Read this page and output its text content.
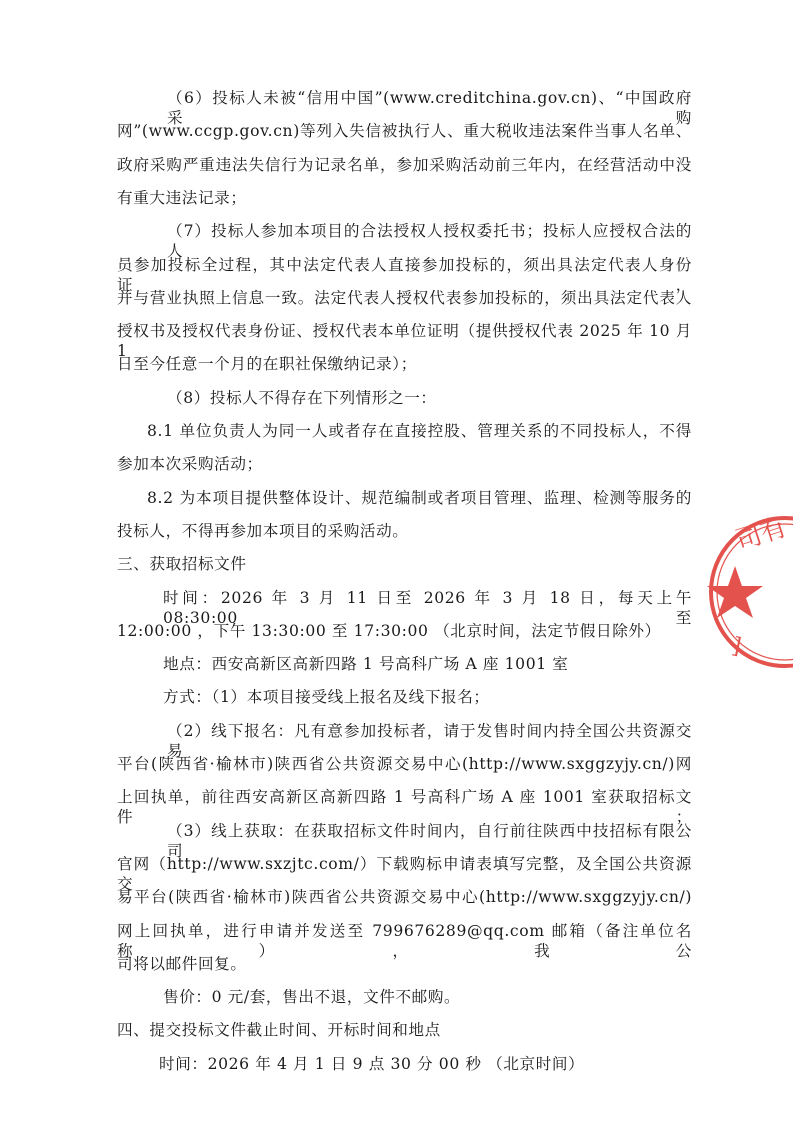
（6）投标人未被“信用中国”(www.creditchina.gov.cn)、“中国政府采购
网”(www.ccgp.gov.cn)等列入失信被执行人、重大税收违法案件当事人名单、
政府采购严重违法失信行为记录名单，参加采购活动前三年内，在经营活动中没
有重大违法记录；
（7）投标人参加本项目的合法授权人授权委托书；投标人应授权合法的人
员参加投标全过程，其中法定代表人直接参加投标的，须出具法定代表人身份证，
并与营业执照上信息一致。法定代表人授权代表参加投标的，须出具法定代表人
授权书及授权代表身份证、授权代表本单位证明（提供授权代表 2025 年 10 月 1
日至今任意一个月的在职社保缴纳记录）；
（8）投标人不得存在下列情形之一：
8.1 单位负责人为同一人或者存在直接控股、管理关系的不同投标人，不得
参加本次采购活动；
8.2 为本项目提供整体设计、规范编制或者项目管理、监理、检测等服务的
投标人，不得再参加本项目的采购活动。
三、获取招标文件
时间：2026 年 3 月 11 日至 2026 年 3 月 18 日，每天上午 08:30:00 至
12:00:00 ，下午 13:30:00 至 17:30:00 （北京时间，法定节假日除外）
地点：西安高新区高新四路 1 号高科广场 A 座 1001 室
方式：（1）本项目接受线上报名及线下报名；
（2）线下报名：凡有意参加投标者，请于发售时间内持全国公共资源交易
平台(陕西省·榆林市)陕西省公共资源交易中心(http://www.sxggzyjy.cn/)网
上回执单，前往西安高新区高新四路 1 号高科广场 A 座 1001 室获取招标文件；
（3）线上获取：在获取招标文件时间内，自行前往陕西中技招标有限公司
官网（http://www.sxzjtc.com/）下载购标申请表填写完整，及全国公共资源交
易平台(陕西省·榆林市)陕西省公共资源交易中心(http://www.sxggzyjy.cn/)
网上回执单，进行申请并发送至 799676289@qq.com 邮箱（备注单位名称），我公
司将以邮件回复。
售价：0 元/套，售出不退，文件不邮购。
四、提交投标文件截止时间、开标时间和地点
时间：2026 年 4 月 1 日 9 点 30 分 00 秒 （北京时间）
司有
]
